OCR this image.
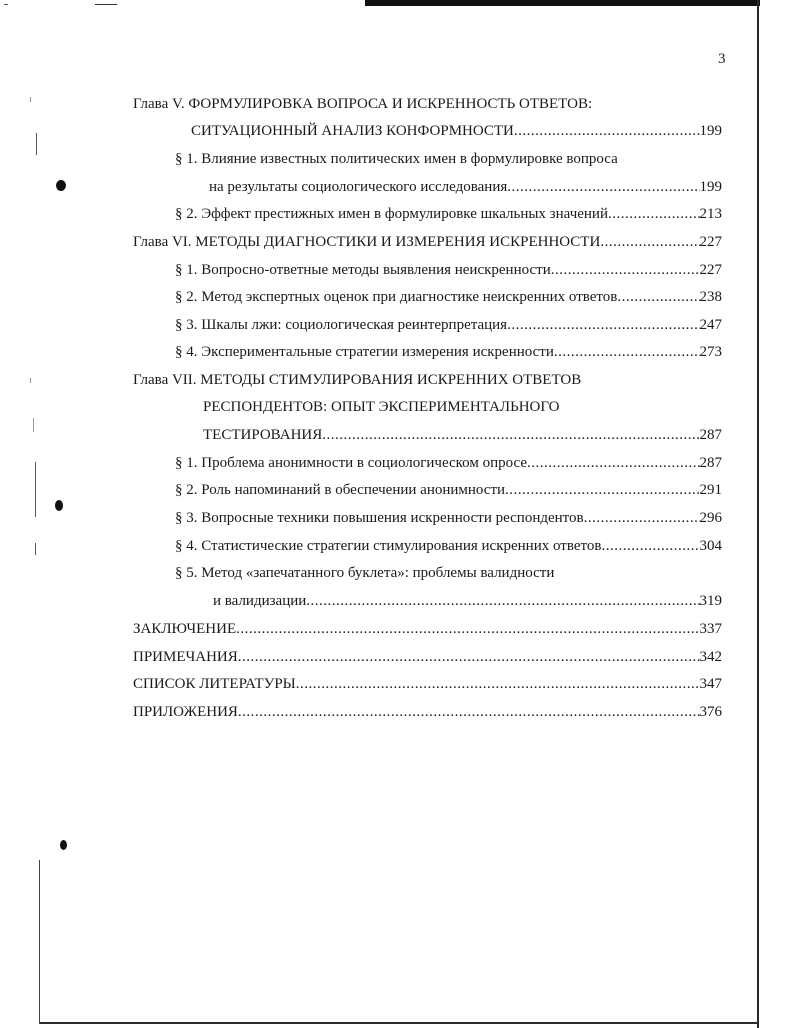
3
Глава V. ФОРМУЛИРОВКА ВОПРОСА И ИСКРЕННОСТЬ ОТВЕТОВ:
СИТУАЦИОННЫЙ АНАЛИЗ КОНФОРМНОСТИ .....	199
§ 1. Влияние известных политических имен в формулировке вопроса
на результаты социологического исследования .....	199
§ 2. Эффект престижных имен в формулировке шкальных значений .....	213
Глава VI. МЕТОДЫ ДИАГНОСТИКИ И ИЗМЕРЕНИЯ ИСКРЕННОСТИ .....	227
§ 1. Вопросно-ответные методы выявления неискренности .....	227
§ 2. Метод экспертных оценок при диагностике неискренних ответов .....	238
§ 3. Шкалы лжи: социологическая реинтерпретация .....	247
§ 4. Экспериментальные стратегии измерения искренности .....	273
Глава VII. МЕТОДЫ СТИМУЛИРОВАНИЯ ИСКРЕННИХ ОТВЕТОВ
РЕСПОНДЕНТОВ: ОПЫТ ЭКСПЕРИМЕНТАЛЬНОГО
ТЕСТИРОВАНИЯ .....	287
§ 1. Проблема анонимности в социологическом опросе .....	287
§ 2. Роль напоминаний в обеспечении анонимности .....	291
§ 3. Вопросные техники повышения искренности респондентов .....	296
§ 4. Статистические стратегии стимулирования искренних ответов .....	304
§ 5. Метод «запечатанного буклета»: проблемы валидности
и валидизации .....	319
ЗАКЛЮЧЕНИЕ .....	337
ПРИМЕЧАНИЯ .....	342
СПИСОК ЛИТЕРАТУРЫ .....	347
ПРИЛОЖЕНИЯ .....	376
